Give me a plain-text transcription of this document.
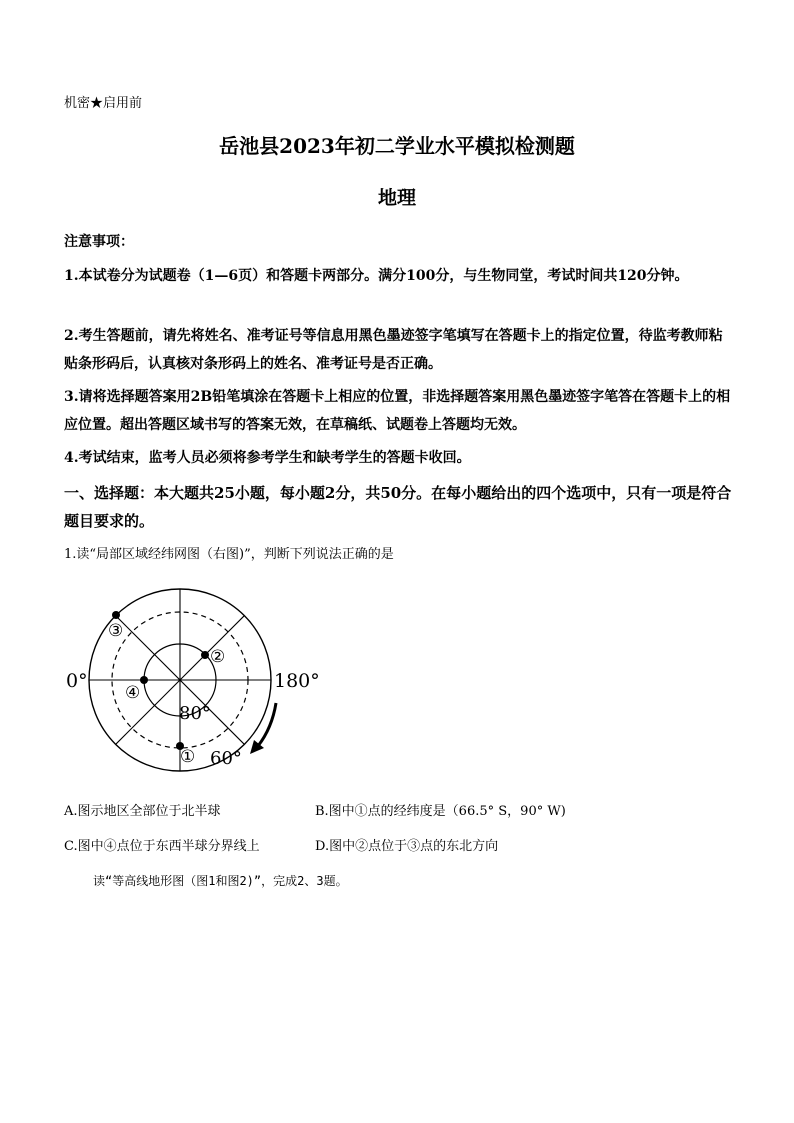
机密★启用前
岳池县2023年初二学业水平模拟检测题
地理
注意事项：
1.本试卷分为试题卷（1—6页）和答题卡两部分。满分100分，与生物同堂，考试时间共120分钟。
2.考生答题前，请先将姓名、准考证号等信息用黑色墨迹签字笔填写在答题卡上的指定位置，待监考教师粘贴条形码后，认真核对条形码上的姓名、准考证号是否正确。
3.请将选择题答案用2B铅笔填涂在答题卡上相应的位置，非选择题答案用黑色墨迹签字笔答在答题卡上的相应位置。超出答题区域书写的答案无效，在草稿纸、试题卷上答题均无效。
4.考试结束，监考人员必须将参考学生和缺考学生的答题卡收回。
一、选择题：本大题共25小题，每小题2分，共50分。在每小题给出的四个选项中，只有一项是符合题目要求的。
1.读“局部区域经纬网图（右图)”，判断下列说法正确的是
③
②
④
①
0°	180°
80°
60°
A.图示地区全部位于北半球	B.图中①点的经纬度是（66.5° S，90° W)
C.图中④点位于东西半球分界线上	D.图中②点位于③点的东北方向
读“等高线地形图（图1和图2)”，完成2、3题。
